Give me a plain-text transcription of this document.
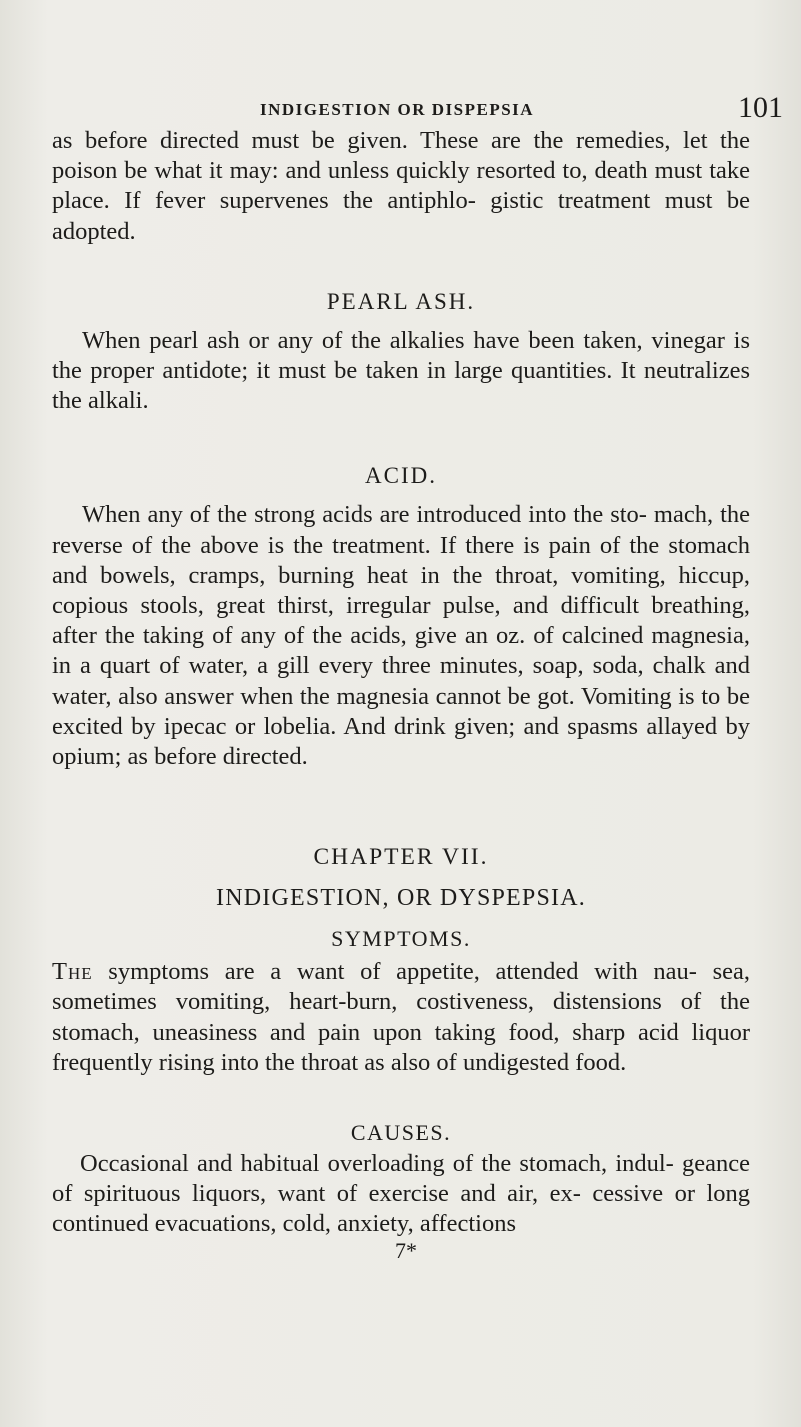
INDIGESTION OR DISPEPSIA	101

as before directed must be given. These are the remedies, let the poison be what it may: and unless quickly resorted to, death must take place. If fever supervenes the antiphlo- gistic treatment must be adopted.

PEARL ASH.

When pearl ash or any of the alkalies have been taken, vinegar is the proper antidote; it must be taken in large quantities. It neutralizes the alkali.

ACID.

When any of the strong acids are introduced into the sto- mach, the reverse of the above is the treatment. If there is pain of the stomach and bowels, cramps, burning heat in the throat, vomiting, hiccup, copious stools, great thirst, irregular pulse, and difficult breathing, after the taking of any of the acids, give an oz. of calcined magnesia, in a quart of water, a gill every three minutes, soap, soda, chalk and water, also answer when the magnesia cannot be got. Vomiting is to be excited by ipecac or lobelia. And drink given; and spasms allayed by opium; as before directed.

CHAPTER VII.
INDIGESTION, OR DYSPEPSIA.
SYMPTOMS.

The symptoms are a want of appetite, attended with nau- sea, sometimes vomiting, heart-burn, costiveness, distensions of the stomach, uneasiness and pain upon taking food, sharp acid liquor frequently rising into the throat as also of undigested food.

CAUSES.

Occasional and habitual overloading of the stomach, indul- geance of spirituous liquors, want of exercise and air, ex- cessive or long continued evacuations, cold, anxiety, affections

7*
